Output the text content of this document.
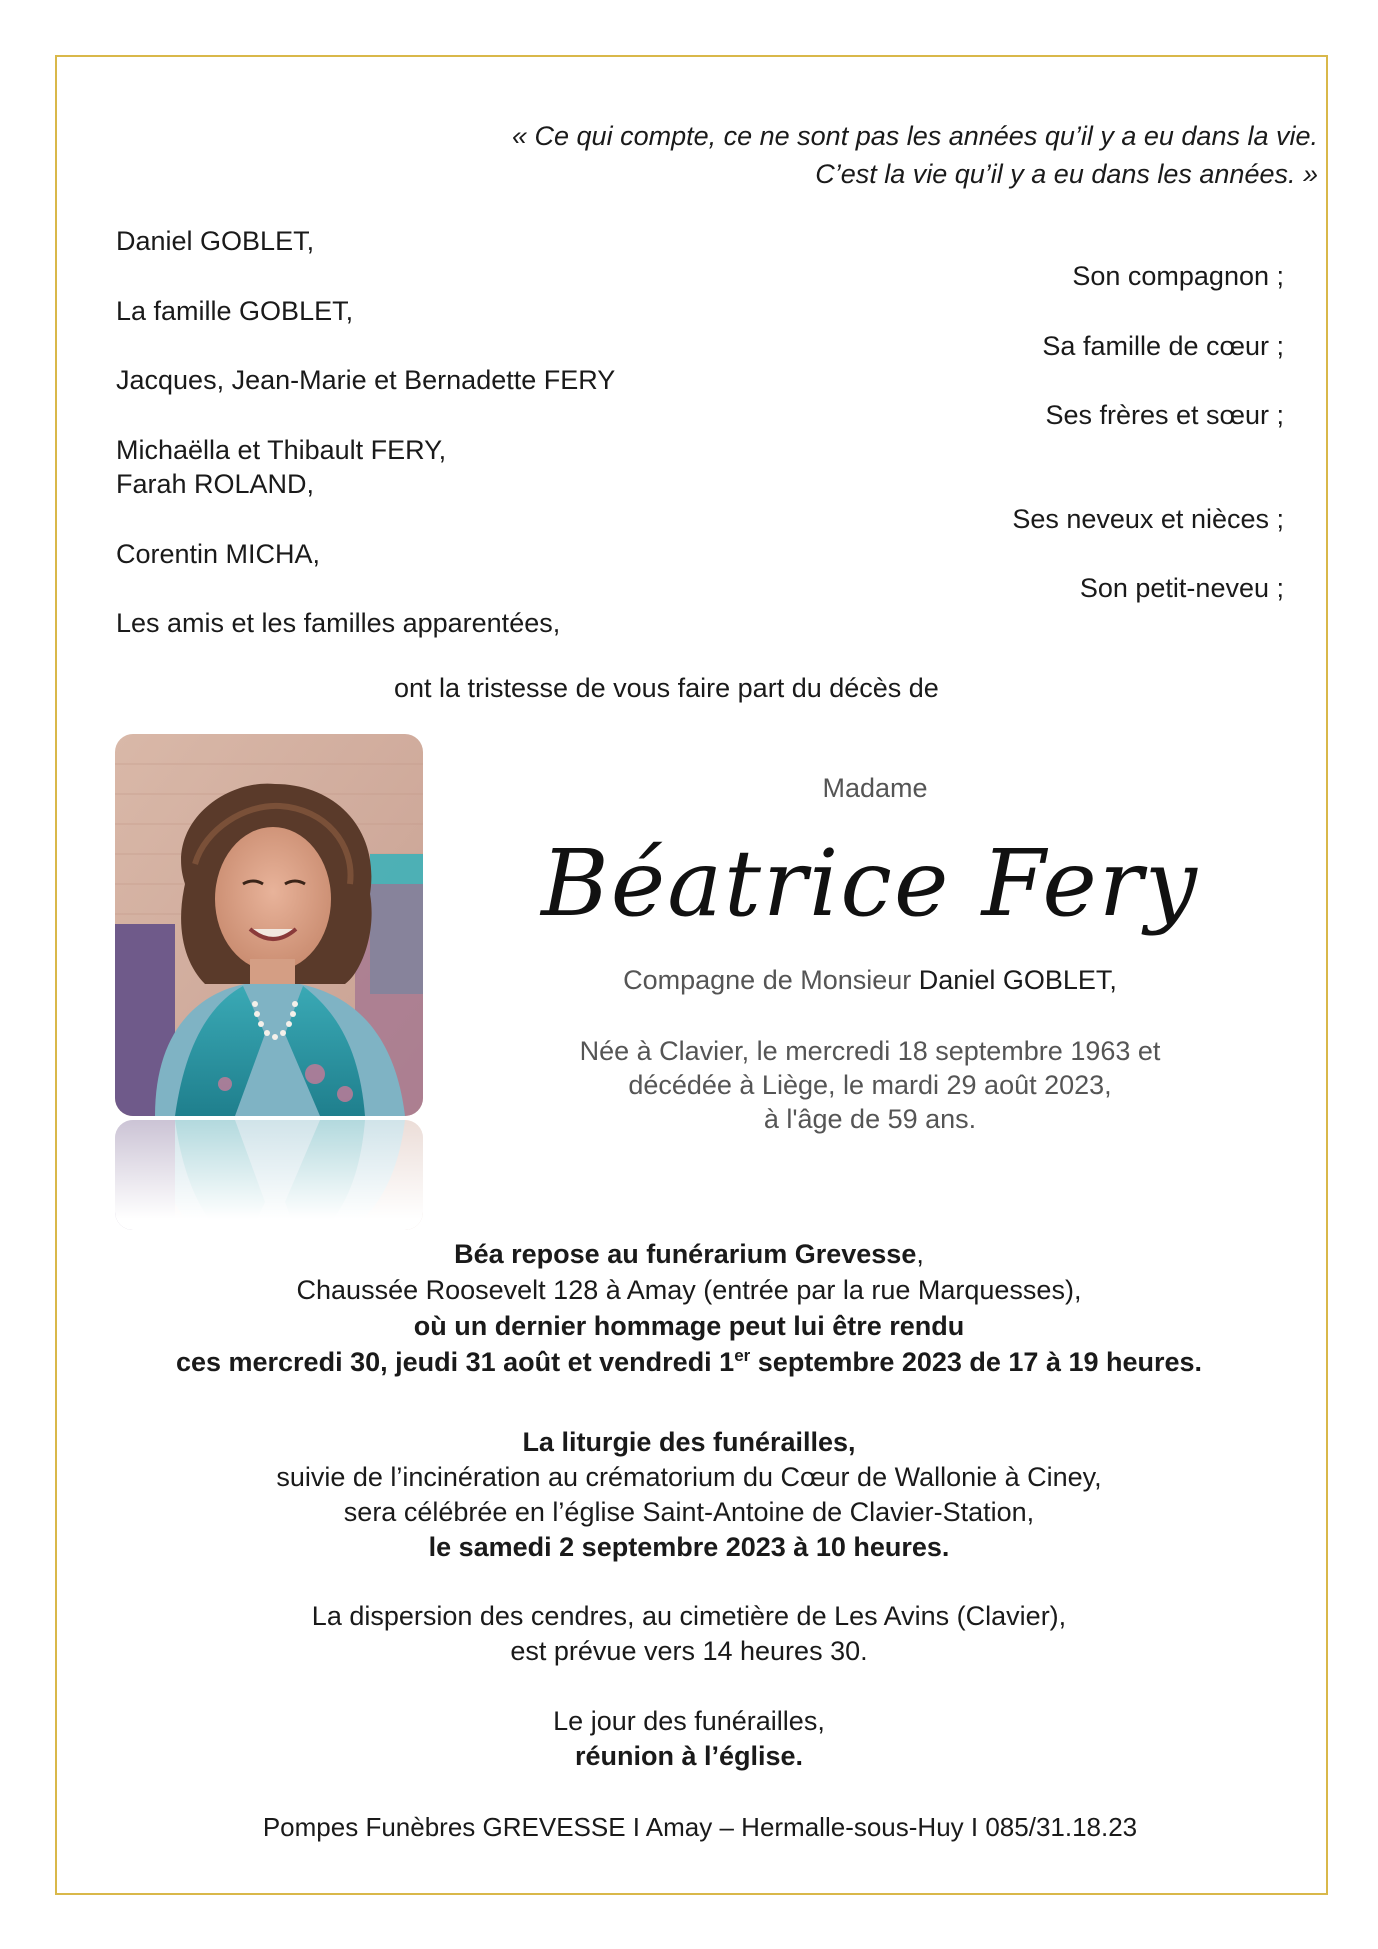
« Ce qui compte, ce ne sont pas les années qu’il y a eu dans la vie.
C’est la vie qu’il y a eu dans les années. »
Daniel GOBLET,
Son compagnon ;
La famille GOBLET,
Sa famille de cœur ;
Jacques, Jean-Marie et Bernadette FERY
Ses frères et sœur ;
Michaëlla et Thibault FERY,
Farah ROLAND,
Ses neveux et nièces ;
Corentin MICHA,
Son petit-neveu ;
Les amis et les familles apparentées,
ont la tristesse de vous faire part du décès de
Madame
Béatrice Fery
Compagne de Monsieur Daniel GOBLET,
Née à Clavier, le mercredi 18 septembre 1963 et
décédée à Liège, le mardi 29 août 2023,
à l'âge de 59 ans.
Béa repose au funérarium Grevesse,
Chaussée Roosevelt 128 à Amay (entrée par la rue Marquesses),
où un dernier hommage peut lui être rendu
ces mercredi 30, jeudi 31 août et vendredi 1er septembre 2023 de 17 à 19 heures.
La liturgie des funérailles,
suivie de l’incinération au crématorium du Cœur de Wallonie à Ciney,
sera célébrée en l’église Saint-Antoine de Clavier-Station,
le samedi 2 septembre 2023 à 10 heures.
La dispersion des cendres, au cimetière de Les Avins (Clavier),
est prévue vers 14 heures 30.
Le jour des funérailles,
réunion à l’église.
Pompes Funèbres GREVESSE I Amay – Hermalle-sous-Huy I 085/31.18.23
